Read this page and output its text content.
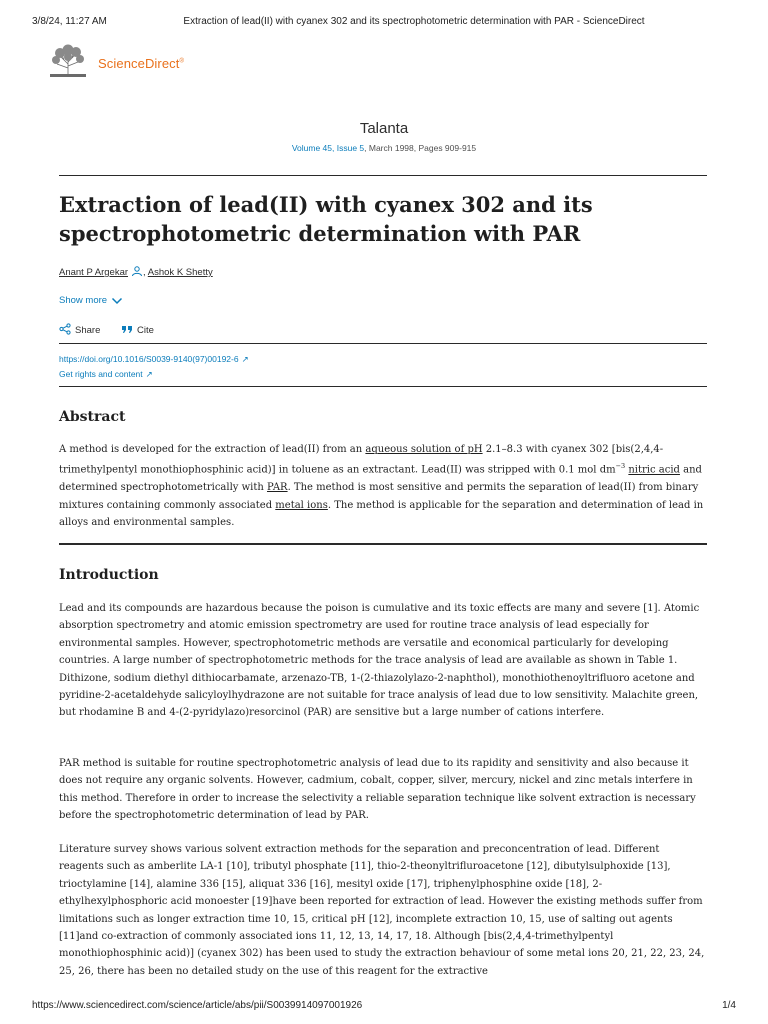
3/8/24, 11:27 AM	Extraction of lead(II) with cyanex 302 and its spectrophotometric determination with PAR - ScienceDirect
ScienceDirect®
Talanta
Volume 45, Issue 5, March 1998, Pages 909-915
Extraction of lead(II) with cyanex 302 and its spectrophotometric determination with PAR
Anant P Argekar , Ashok K Shetty
Show more
Share	Cite
https://doi.org/10.1016/S0039-9140(97)00192-6 ↗
Get rights and content ↗
Abstract

A method is developed for the extraction of lead(II) from an aqueous solution of pH 2.1–8.3 with cyanex 302 [bis(2,4,4-trimethylpentyl monothiophosphinic acid)] in toluene as an extractant. Lead(II) was stripped with 0.1 mol $dm^{-3}$ nitric acid and determined spectrophotometrically with PAR. The method is most sensitive and permits the separation of lead(II) from binary mixtures containing commonly associated metal ions. The method is applicable for the separation and determination of lead in alloys and environmental samples.

Introduction

Lead and its compounds are hazardous because the poison is cumulative and its toxic effects are many and severe [1]. Atomic absorption spectrometry and atomic emission spectrometry are used for routine trace analysis of lead especially for environmental samples. However, spectrophotometric methods are versatile and economical particularly for developing countries. A large number of spectrophotometric methods for the trace analysis of lead are available as shown in Table 1. Dithizone, sodium diethyl dithiocarbamate, arzenazo-TB, 1-(2-thiazolylazo-2-naphthol), monothiothenoyltrifluoro acetone and pyridine-2-acetaldehyde salicyloylhydrazone are not suitable for trace analysis of lead due to low sensitivity. Malachite green, but rhodamine B and 4-(2-pyridylazo)resorcinol (PAR) are sensitive but a large number of cations interfere.

PAR method is suitable for routine spectrophotometric analysis of lead due to its rapidity and sensitivity and also because it does not require any organic solvents. However, cadmium, cobalt, copper, silver, mercury, nickel and zinc metals interfere in this method. Therefore in order to increase the selectivity a reliable separation technique like solvent extraction is necessary before the spectrophotometric determination of lead by PAR.

Literature survey shows various solvent extraction methods for the separation and preconcentration of lead. Different reagents such as amberlite LA-1 [10], tributyl phosphate [11], thio-2-theonyltrifluroacetone [12], dibutylsulphoxide [13], trioctylamine [14], alamine 336 [15], aliquat 336 [16], mesityl oxide [17], triphenylphosphine oxide [18], 2-ethylhexylphosphoric acid monoester [19]have been reported for extraction of lead. However the existing methods suffer from limitations such as longer extraction time 10, 15, critical pH [12], incomplete extraction 10, 15, use of salting out agents [11]and co-extraction of commonly associated ions 11, 12, 13, 14, 17, 18. Although [bis(2,4,4-trimethylpentyl monothiophosphinic acid)] (cyanex 302) has been used to study the extraction behaviour of some metal ions 20, 21, 22, 23, 24, 25, 26, there has been no detailed study on the use of this reagent for the extractive

https://www.sciencedirect.com/science/article/abs/pii/S0039914097001926	1/4
